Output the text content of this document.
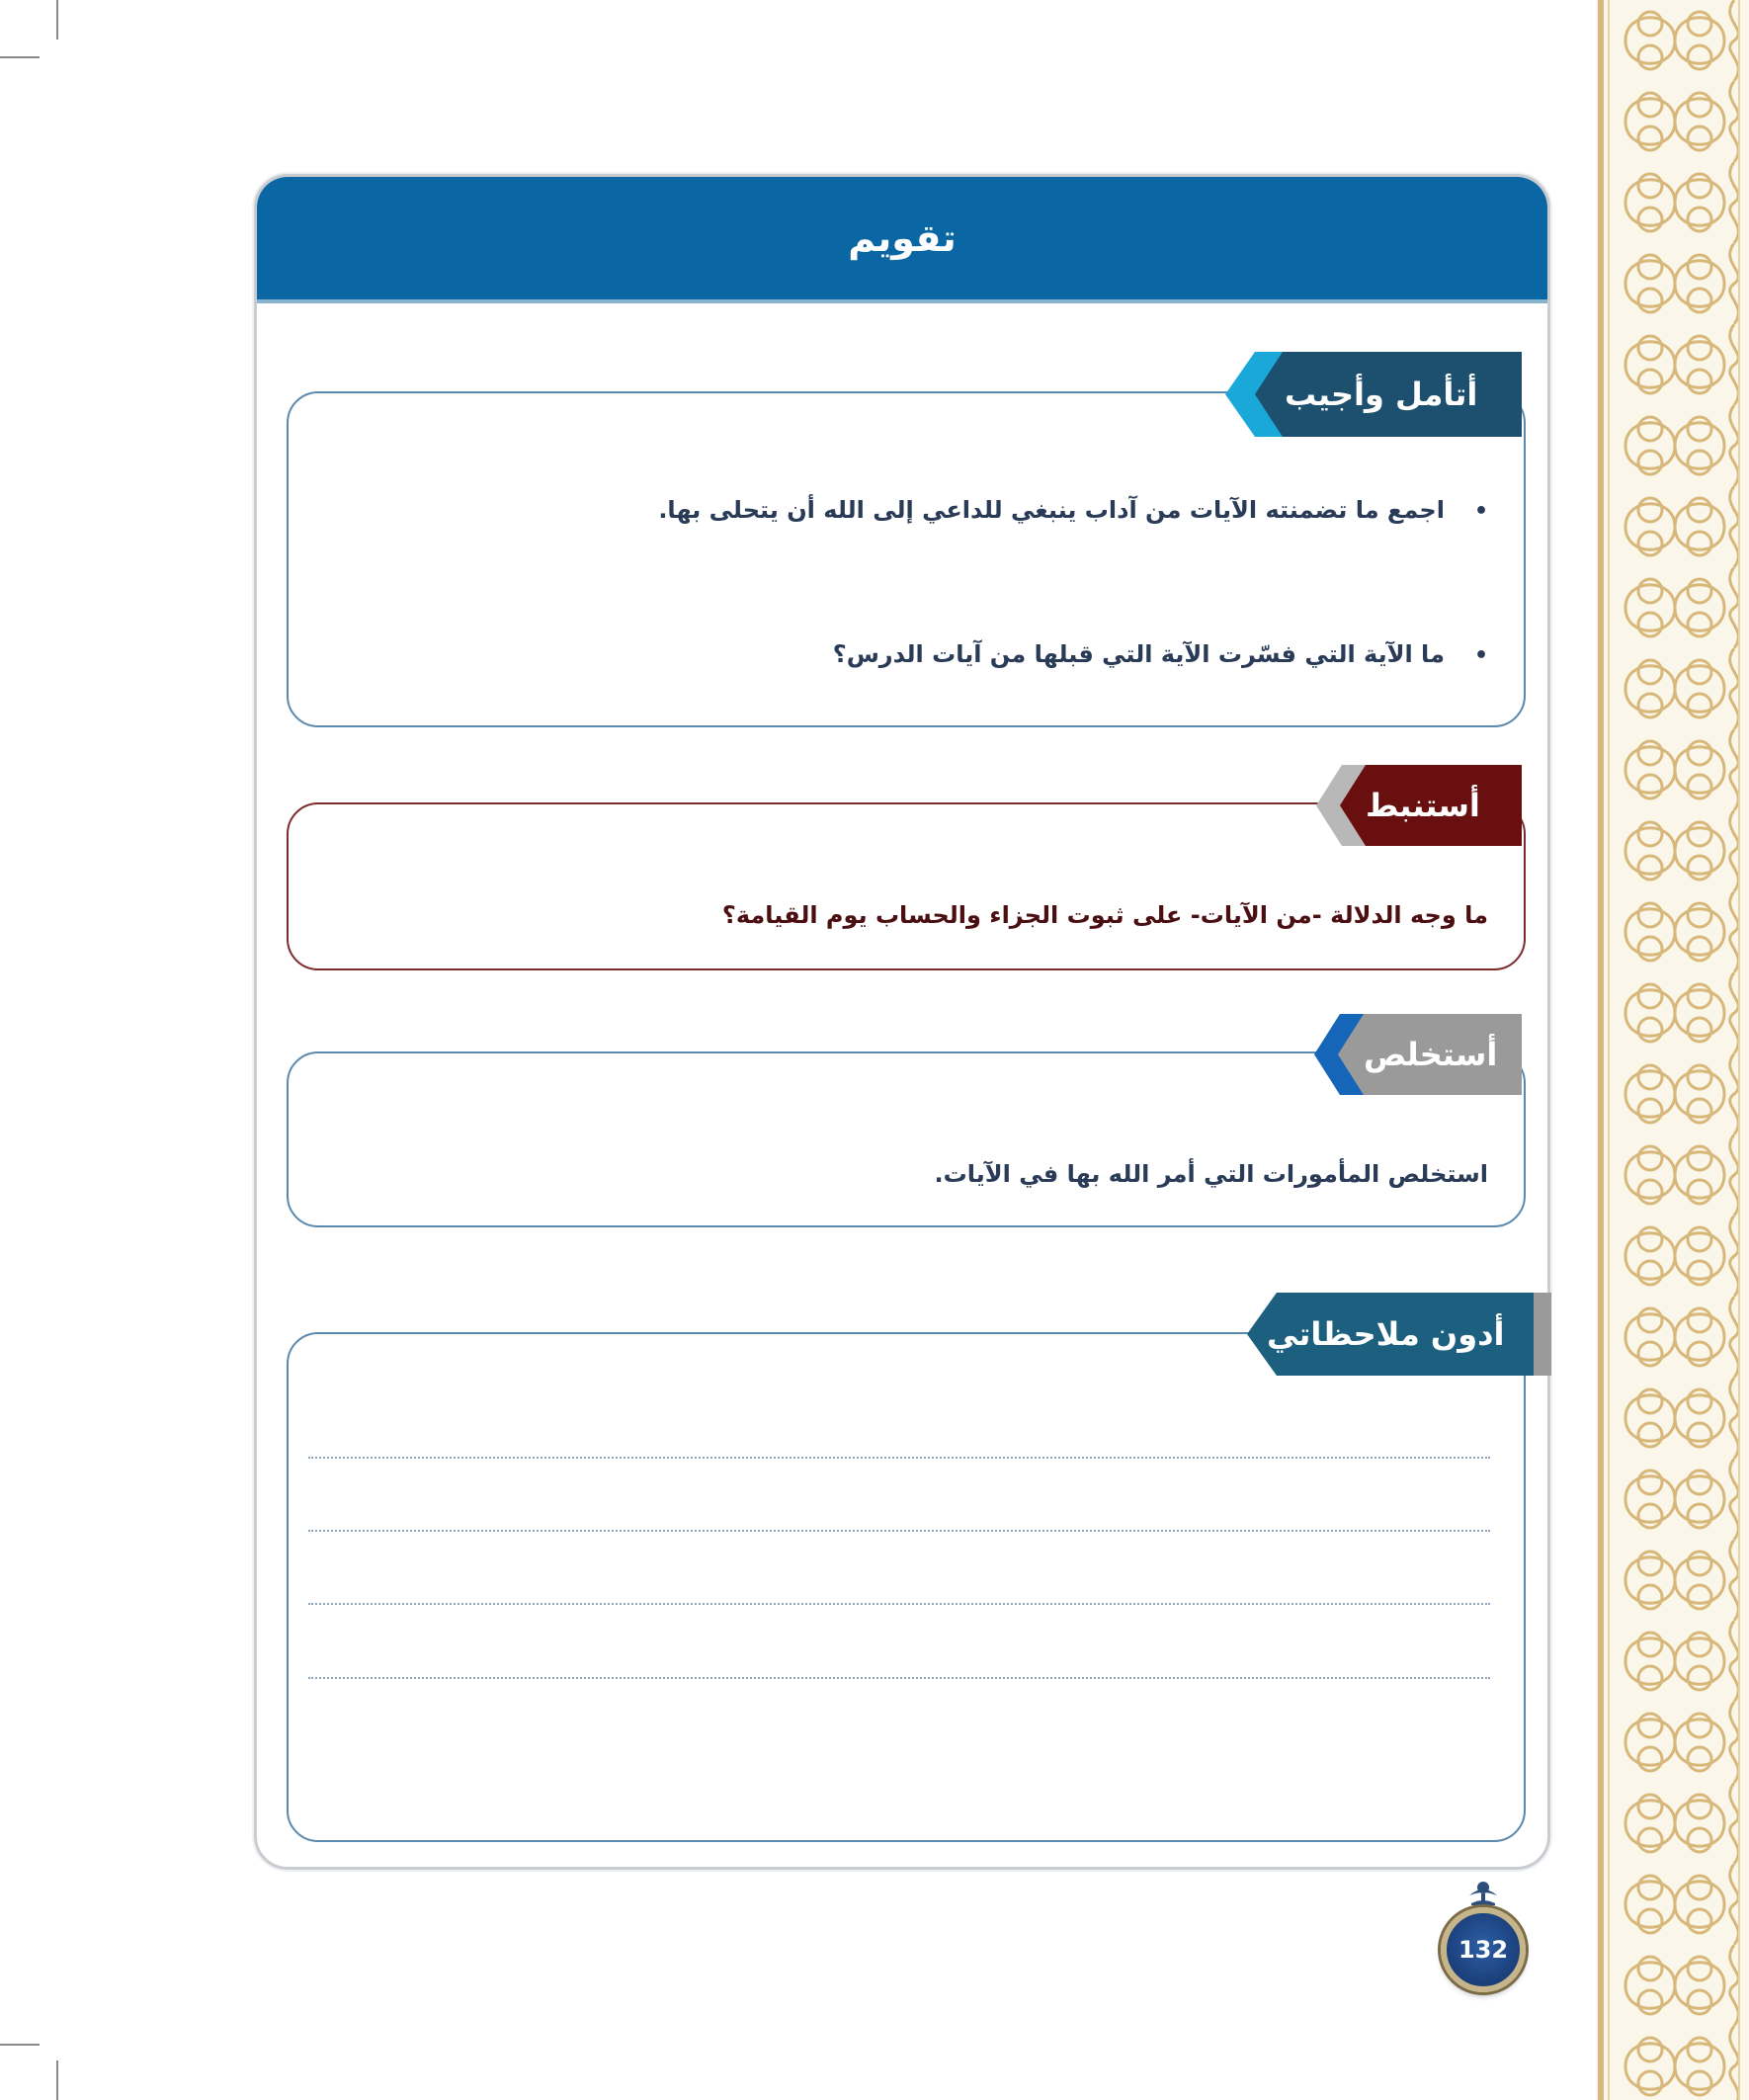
تقويم
أتأمل وأجيب
•اجمع ما تضمنته الآيات من آداب ينبغي للداعي إلى الله أن يتحلى بها.
•ما الآية التي فسّرت الآية التي قبلها من آيات الدرس؟
أستنبط
ما وجه الدلالة -من الآيات- على ثبوت الجزاء والحساب يوم القيامة؟
أستخلص
استخلص المأمورات التي أمر الله بها في الآيات.
أدون ملاحظاتي
132
